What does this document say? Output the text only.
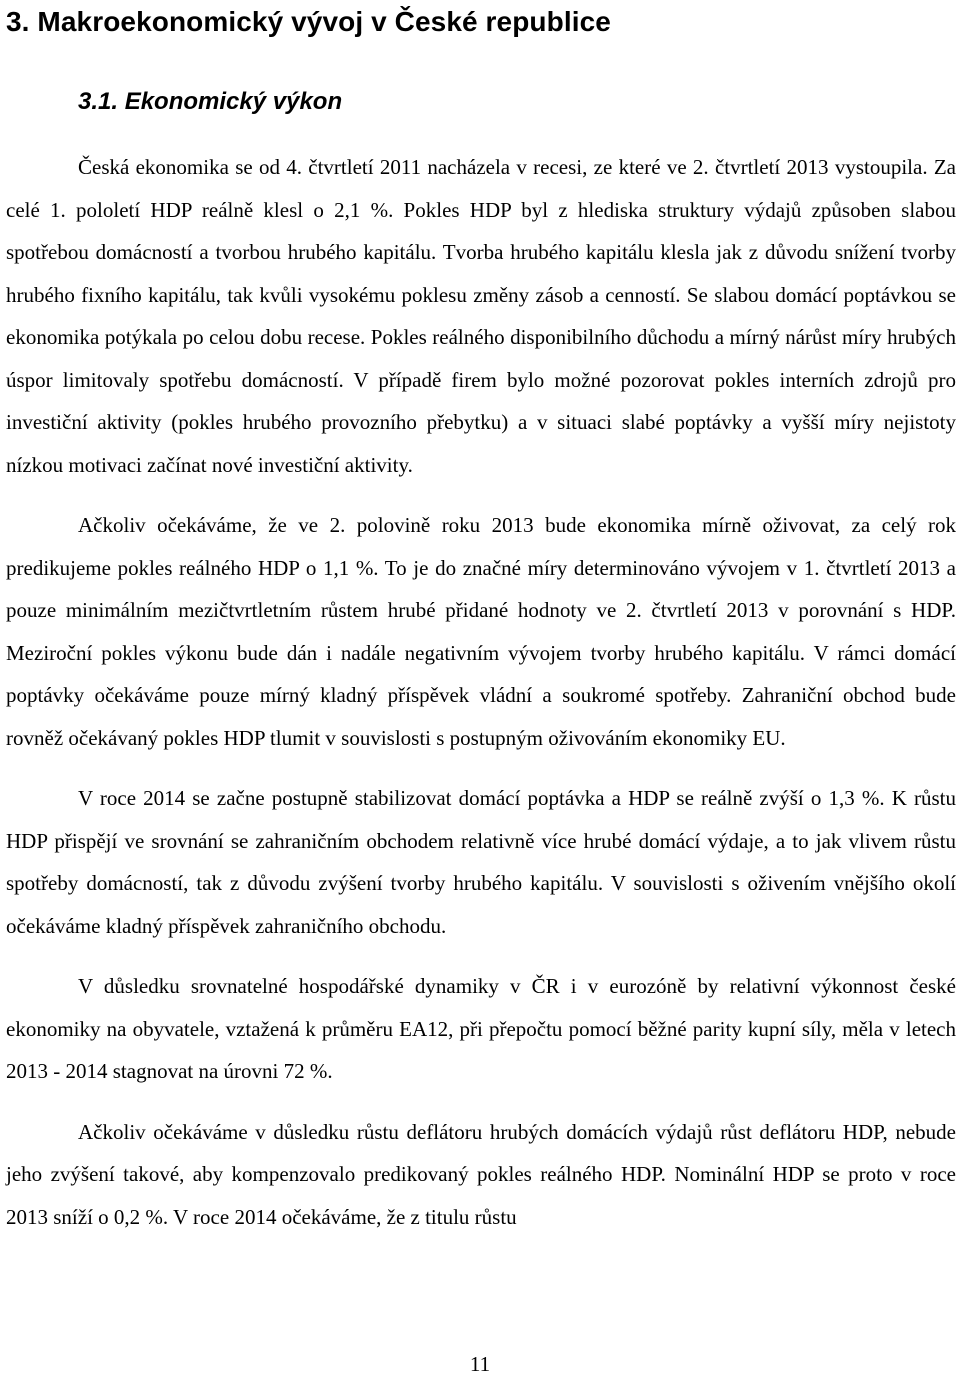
3. Makroekonomický vývoj v České republice
3.1. Ekonomický výkon

Česká ekonomika se od 4. čtvrtletí 2011 nacházela v recesi, ze které ve 2. čtvrtletí 2013 vystoupila. Za celé 1. pololetí HDP reálně klesl o 2,1 %. Pokles HDP byl z hlediska struktury výdajů způsoben slabou spotřebou domácností a tvorbou hrubého kapitálu. Tvorba hrubého kapitálu klesla jak z důvodu snížení tvorby hrubého fixního kapitálu, tak kvůli vysokému poklesu změny zásob a cenností. Se slabou domácí poptávkou se ekonomika potýkala po celou dobu recese. Pokles reálného disponibilního důchodu a mírný nárůst míry hrubých úspor limitovaly spotřebu domácností. V případě firem bylo možné pozorovat pokles interních zdrojů pro investiční aktivity (pokles hrubého provozního přebytku) a v situaci slabé poptávky a vyšší míry nejistoty nízkou motivaci začínat nové investiční aktivity.

Ačkoliv očekáváme, že ve 2. polovině roku 2013 bude ekonomika mírně oživovat, za celý rok predikujeme pokles reálného HDP o 1,1 %. To je do značné míry determinováno vývojem v 1. čtvrtletí 2013 a pouze minimálním mezičtvrtletním růstem hrubé přidané hodnoty ve 2. čtvrtletí 2013 v porovnání s HDP. Meziroční pokles výkonu bude dán i nadále negativním vývojem tvorby hrubého kapitálu. V rámci domácí poptávky očekáváme pouze mírný kladný příspěvek vládní a soukromé spotřeby. Zahraniční obchod bude rovněž očekávaný pokles HDP tlumit v souvislosti s postupným oživováním ekonomiky EU.

V roce 2014 se začne postupně stabilizovat domácí poptávka a HDP se reálně zvýší o 1,3 %. K růstu HDP přispějí ve srovnání se zahraničním obchodem relativně více hrubé domácí výdaje, a to jak vlivem růstu spotřeby domácností, tak z důvodu zvýšení tvorby hrubého kapitálu. V souvislosti s oživením vnějšího okolí očekáváme kladný příspěvek zahraničního obchodu.

V důsledku srovnatelné hospodářské dynamiky v ČR i v eurozóně by relativní výkonnost české ekonomiky na obyvatele, vztažená k průměru EA12, při přepočtu pomocí běžné parity kupní síly, měla v letech 2013 - 2014 stagnovat na úrovni 72 %.

Ačkoliv očekáváme v důsledku růstu deflátoru hrubých domácích výdajů růst deflátoru HDP, nebude jeho zvýšení takové, aby kompenzovalo predikovaný pokles reálného HDP. Nominální HDP se proto v roce 2013 sníží o 0,2 %. V roce 2014 očekáváme, že z titulu růstu

11
